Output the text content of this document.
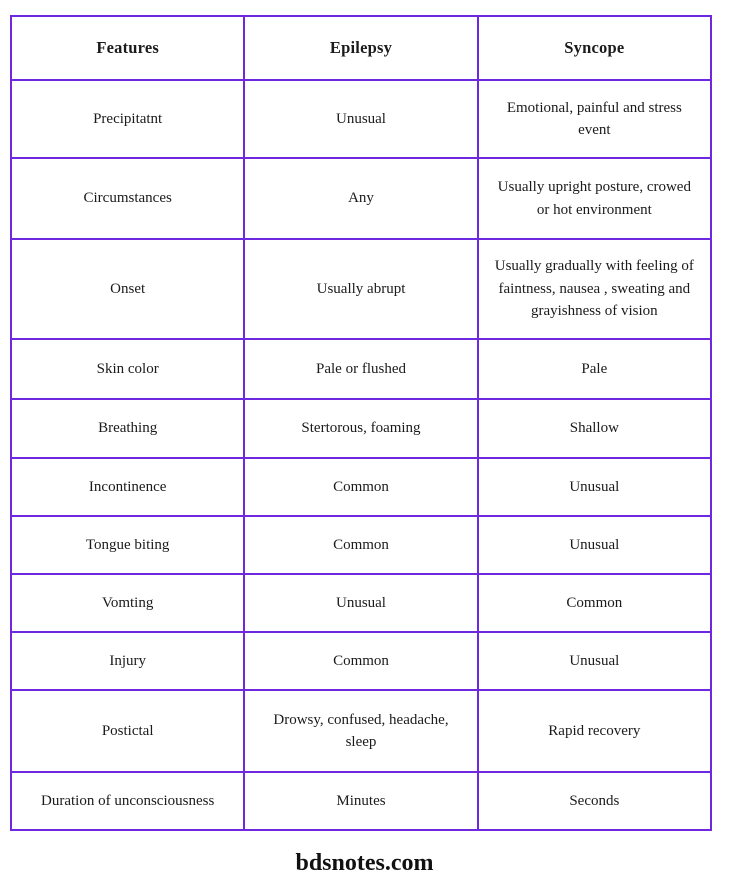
Features	Epilepsy	Syncope
Precipitatnt	Unusual	Emotional, painful and stress event
Circumstances	Any	Usually upright posture, crowed or hot environment
Onset	Usually abrupt	Usually gradually with feeling of faintness, nausea , sweating and grayishness of vision
Skin color	Pale or flushed	Pale
Breathing	Stertorous, foaming	Shallow
Incontinence	Common	Unusual
Tongue biting	Common	Unusual
Vomting	Unusual	Common
Injury	Common	Unusual
Postictal	Drowsy, confused, headache, sleep	Rapid recovery
Duration of unconsciousness	Minutes	Seconds
bdsnotes.com
